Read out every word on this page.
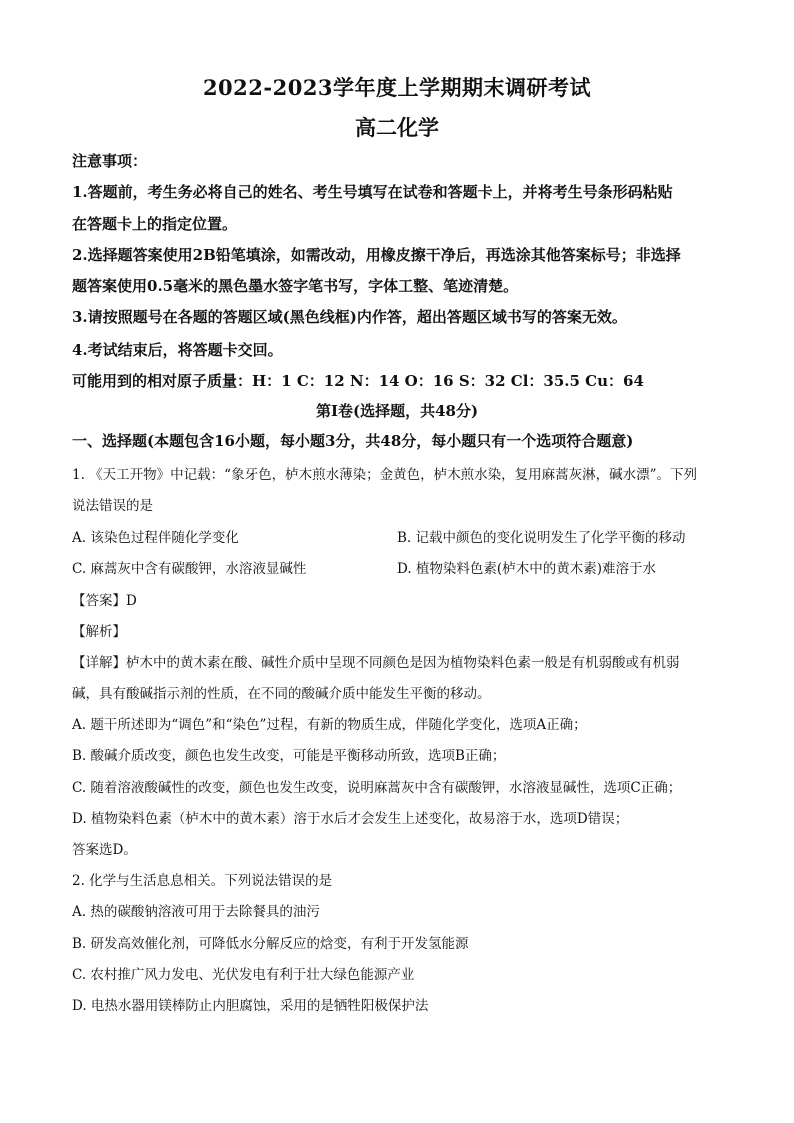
2022-2023学年度上学期期末调研考试
高二化学
注意事项：
1.答题前，考生务必将自己的姓名、考生号填写在试卷和答题卡上，并将考生号条形码粘贴
在答题卡上的指定位置。
2.选择题答案使用2B铅笔填涂，如需改动，用橡皮擦干净后，再选涂其他答案标号；非选择
题答案使用0.5毫米的黑色墨水签字笔书写，字体工整、笔迹清楚。
3.请按照题号在各题的答题区域(黑色线框)内作答，超出答题区域书写的答案无效。
4.考试结束后，将答题卡交回。
可能用到的相对原子质量：H：1 C：12 N：14 O：16 S：32 Cl：35.5 Cu：64
第Ⅰ卷(选择题，共48分)
一、选择题(本题包含16小题，每小题3分，共48分，每小题只有一个选项符合题意)
1. 《天工开物》中记载：“象牙色，栌木煎水薄染；金黄色，栌木煎水染，复用麻蒿灰淋，碱水漂”。下列
说法错误的是
A. 该染色过程伴随化学变化	B. 记载中颜色的变化说明发生了化学平衡的移动
C. 麻蒿灰中含有碳酸钾，水溶液显碱性	D. 植物染料色素(栌木中的黄木素)难溶于水
【答案】D
【解析】
【详解】栌木中的黄木素在酸、碱性介质中呈现不同颜色是因为植物染料色素一般是有机弱酸或有机弱
碱，具有酸碱指示剂的性质，在不同的酸碱介质中能发生平衡的移动。
A. 题干所述即为“调色”和“染色”过程，有新的物质生成，伴随化学变化，选项A正确；
B. 酸碱介质改变，颜色也发生改变，可能是平衡移动所致，选项B正确；
C. 随着溶液酸碱性的改变，颜色也发生改变，说明麻蒿灰中含有碳酸钾，水溶液显碱性，选项C正确；
D. 植物染料色素（栌木中的黄木素）溶于水后才会发生上述变化，故易溶于水，选项D错误；
答案选D。
2. 化学与生活息息相关。下列说法错误的是
A. 热的碳酸钠溶液可用于去除餐具的油污
B. 研发高效催化剂，可降低水分解反应的焓变，有利于开发氢能源
C. 农村推广风力发电、光伏发电有利于壮大绿色能源产业
D. 电热水器用镁棒防止内胆腐蚀，采用的是牺牲阳极保护法
